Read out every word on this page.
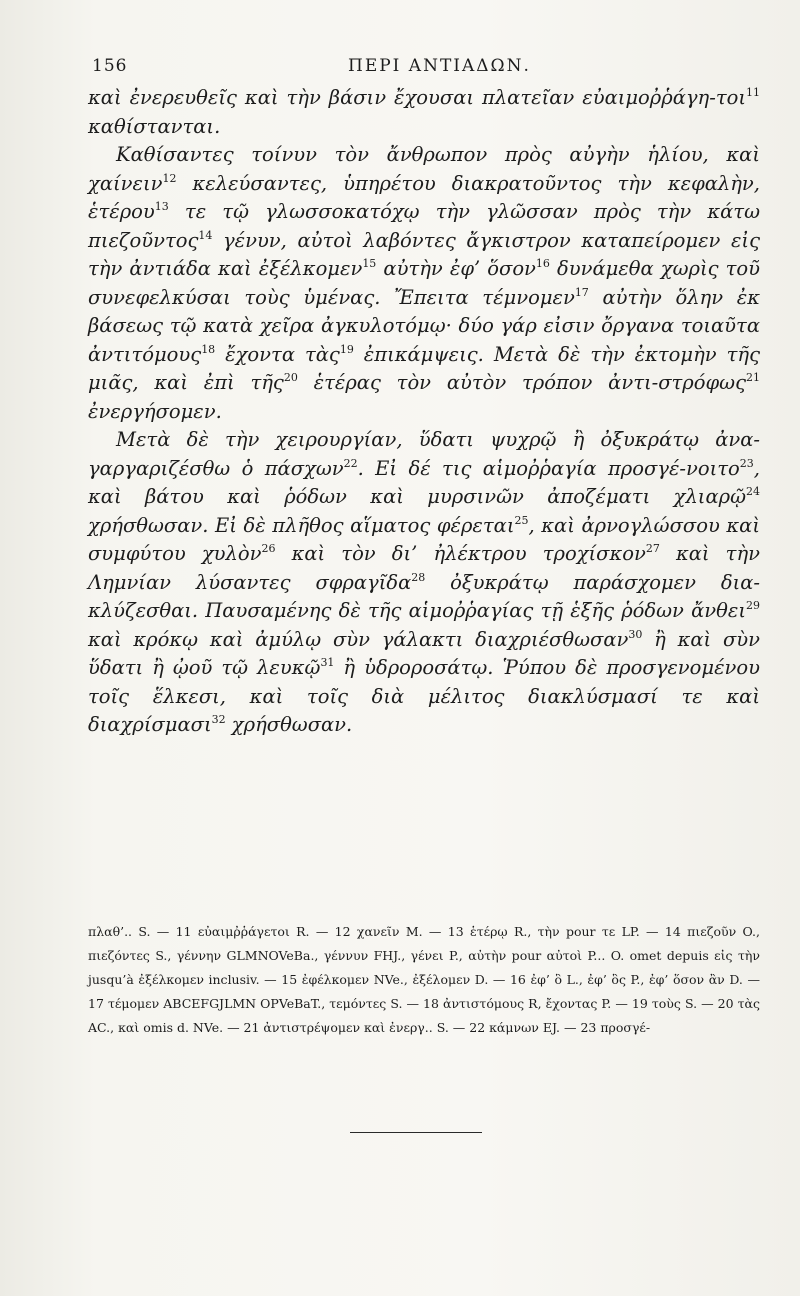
156	ΠΕΡΙ ΑΝΤΙΑΔΩΝ.

καὶ ἐνερευθεῖς καὶ τὴν βάσιν ἔχουσαι πλατεῖαν εὐαιμοῤῥάγη-τοι$^{11}$ καθίστανται.

Καθίσαντες τοίνυν τὸν ἄνθρωπον πρὸς αὐγὴν ἡλίου, καὶ χαίνειν$^{12}$ κελεύσαντες, ὑπηρέτου διακρατοῦντος τὴν κεφαλὴν, ἑτέρου$^{13}$ τε τῷ γλωσσοκατόχῳ τὴν γλῶσσαν πρὸς τὴν κάτω πιεζοῦντος$^{14}$ γένυν, αὐτοὶ λαβόντες ἄγκιστρον καταπείρομεν εἰς τὴν ἀντιάδα καὶ ἐξέλκομεν$^{15}$ αὐτὴν ἐφ’ ὅσον$^{16}$ δυνάμεθα χωρὶς τοῦ συνεφελκύσαι τοὺς ὑμένας. Ἔπειτα τέμνομεν$^{17}$ αὐτὴν ὅλην ἐκ βάσεως τῷ κατὰ χεῖρα ἀγκυλοτόμῳ· δύο γάρ εἰσιν ὄργανα τοιαῦτα ἀντιτόμους$^{18}$ ἔχοντα τὰς$^{19}$ ἐπικάμψεις. Μετὰ δὲ τὴν ἐκτομὴν τῆς μιᾶς, καὶ ἐπὶ τῆς$^{20}$ ἑτέρας τὸν αὐτὸν τρόπον ἀντι-στρόφως$^{21}$ ἐνεργήσομεν.

Μετὰ δὲ τὴν χειρουργίαν, ὕδατι ψυχρῷ ἢ ὀξυκράτῳ ἀνα-γαργαριζέσθω ὁ πάσχων$^{22}$. Εἰ δέ τις αἱμοῤῥαγία προσγέ-νοιτο$^{23}$, καὶ βάτου καὶ ῥόδων καὶ μυρσινῶν ἀποζέματι χλιαρῷ$^{24}$ χρήσθωσαν. Εἰ δὲ πλῆθος αἵματος φέρεται$^{25}$, καὶ ἀρνογλώσσου καὶ συμφύτου χυλὸν$^{26}$ καὶ τὸν δι’ ἠλέκτρου τροχίσκον$^{27}$ καὶ τὴν Λημνίαν λύσαντες σφραγῖδα$^{28}$ ὀξυκράτῳ παράσχομεν δια-κλύζεσθαι. Παυσαμένης δὲ τῆς αἱμοῤῥαγίας τῇ ἑξῆς ῥόδων ἄνθει$^{29}$ καὶ κρόκῳ καὶ ἀμύλῳ σὺν γάλακτι διαχριέσθωσαν$^{30}$ ἢ καὶ σὺν ὕδατι ἢ ᾠοῦ τῷ λευκῷ$^{31}$ ἢ ὑδροροσάτῳ. Ῥύπου δὲ προσγενομένου τοῖς ἕλκεσι, καὶ τοῖς διὰ μέλιτος διακλύσμασί τε καὶ διαχρίσμασι$^{32}$ χρήσθωσαν.

πλαθ’.. S. — 11 εὐαιμῤῥάγετοι R. — 12 χανεῖν M. — 13 ἑτέρῳ R., τὴν pour τε LP. — 14 πιεζοῦν O., πιεζόντες S., γέννην GLMNOVeBa., γέννυν FHJ., γένει P., αὐτὴν pour αὐτοὶ P... O. omet depuis εἰς τὴν jusqu’à ἐξέλκομεν inclusiv. — 15 ἐφέλκομεν NVe., ἐξέλομεν D. — 16 ἐφ’ ὃ L., ἐφ’ ὃς P., ἐφ’ ὅσον ἂν D. — 17 τέμομεν ABCEFGJLMN OPVeBaT., τεμόντες S. — 18 ἀντιστόμους R, ἔχοντας P. — 19 τοὺς S. — 20 τὰς AC., καὶ omis d. NVe. — 21 ἀντιστρέψομεν καὶ ἐνεργ.. S. — 22 κάμνων EJ. — 23 προσγέ-
